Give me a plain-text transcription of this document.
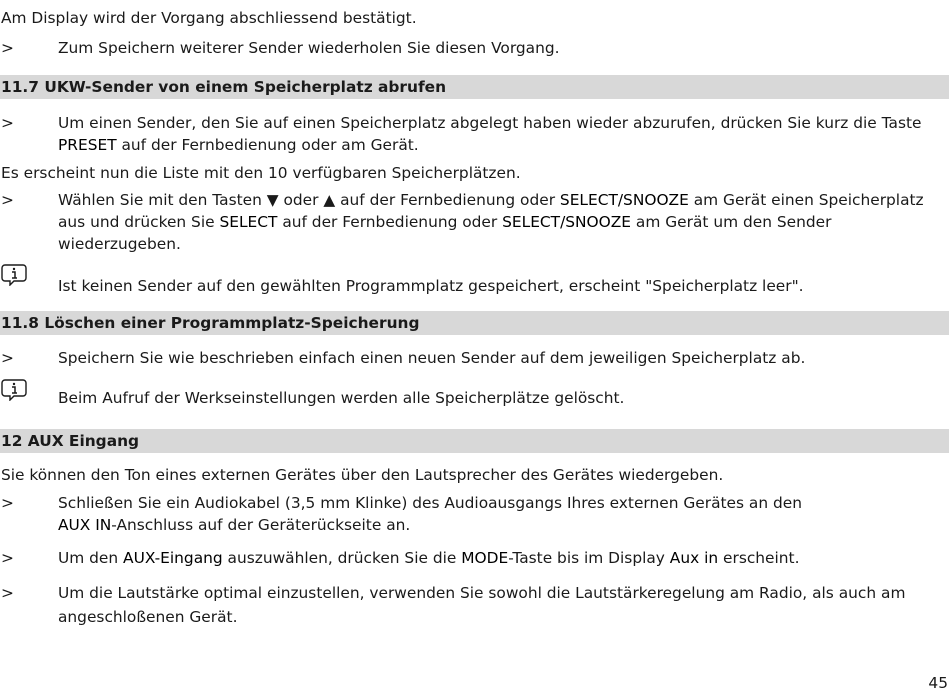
Am Display wird der Vorgang abschliessend bestätigt.
>	Zum Speichern weiterer Sender wiederholen Sie diesen Vorgang.
11.7 UKW-Sender von einem Speicherplatz abrufen
>	Um einen Sender, den Sie auf einen Speicherplatz abgelegt haben wieder abzurufen, drücken Sie kurz die Taste PRESET auf der Fernbedienung oder am Gerät.
Es erscheint nun die Liste mit den 10 verfügbaren Speicherplätzen.
>	Wählen Sie mit den Tasten ▼ oder ▲ auf der Fernbedienung oder SELECT/SNOOZE am Gerät einen Speicherplatz aus und drücken Sie SELECT auf der Fernbedienung oder SELECT/SNOOZE am Gerät um den Sender wiederzugeben.
Ist keinen Sender auf den gewählten Programmplatz gespeichert, erscheint "Speicherplatz leer".
11.8 Löschen einer Programmplatz-Speicherung
>	Speichern Sie wie beschrieben einfach einen neuen Sender auf dem jeweiligen Speicherplatz ab.
Beim Aufruf der Werkseinstellungen werden alle Speicherplätze gelöscht.
12 AUX Eingang
Sie können den Ton eines externen Gerätes über den Lautsprecher des Gerätes wiedergeben.
>	Schließen Sie ein Audiokabel (3,5 mm Klinke) des Audioausgangs Ihres externen Gerätes an den
AUX IN-Anschluss auf der Geräterückseite an.
>	Um den AUX-Eingang auszuwählen, drücken Sie die MODE-Taste bis im Display Aux in erscheint.
>	Um die Lautstärke optimal einzustellen, verwenden Sie sowohl die Lautstärkeregelung am Radio, als auch am angeschloßenen Gerät.
45
